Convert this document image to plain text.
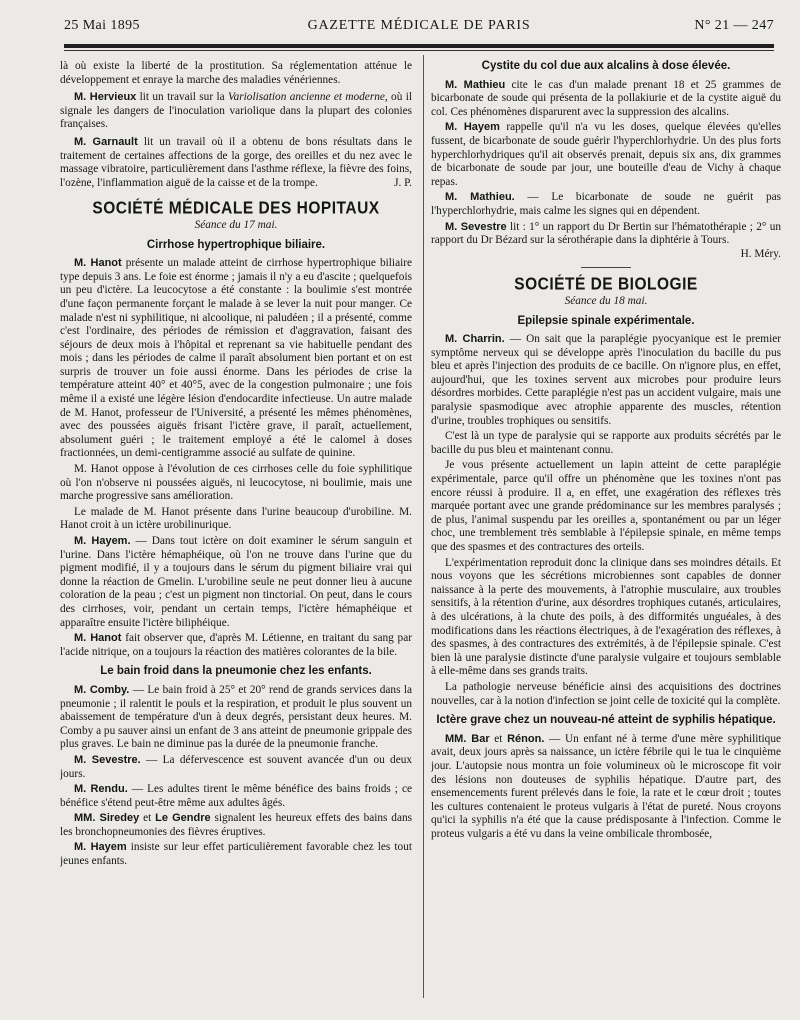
25 Mai 1895	GAZETTE MÉDICALE DE PARIS	N° 21 — 247

là où existe la liberté de la prostitution. Sa réglementation atténue le développement et enraye la marche des maladies vénériennes.

M. Hervieux lit un travail sur la Variolisation ancienne et moderne, où il signale les dangers de l'inoculation variolique dans la plupart des colonies françaises.

M. Garnault lit un travail où il a obtenu de bons résultats dans le traitement de certaines affections de la gorge, des oreilles et du nez avec le massage vibratoire, particulièrement dans l'asthme réflexe, la fièvre des foins, l'ozène, l'inflammation aiguë de la caisse et de la trompe.	J. P.

SOCIÉTÉ MÉDICALE DES HOPITAUX
Séance du 17 mai.
Cirrhose hypertrophique biliaire.

M. Hanot présente un malade atteint de cirrhose hypertrophique biliaire type depuis 3 ans. Le foie est énorme ; jamais il n'y a eu d'ascite ; quelquefois un peu d'ictère. La leucocytose a été constante : la boulimie s'est montrée d'une façon permanente forçant le malade à se lever la nuit pour manger. Ce malade n'est ni syphilitique, ni alcoolique, ni paludéen ; il a présenté, comme c'est l'ordinaire, des périodes de rémission et d'aggravation, faisant des séjours de deux mois à l'hôpital et reprenant sa vie habituelle pendant des mois ; dans les périodes de calme il paraît absolument bien portant et on est surpris de trouver un foie aussi énorme. Dans les périodes de crise la température atteint 40° et 40°5, avec de la congestion pulmonaire ; une fois même il a existé une légère lésion d'endocardite infectieuse. Un autre malade de M. Hanot, professeur de l'Université, a présenté les mêmes phénomènes, avec des poussées aiguës frisant l'ictère grave, il paraît, actuellement, absolument guéri ; le traitement employé a été le calomel à doses fractionnées, un demi-centigramme associé au sulfate de quinine.

M. Hanot oppose à l'évolution de ces cirrhoses celle du foie syphilitique où l'on n'observe ni poussées aiguës, ni leucocytose, ni boulimie, mais une marche progressive sans amélioration.

Le malade de M. Hanot présente dans l'urine beaucoup d'urobiline. M. Hanot croit à un ictère urobilinurique.

M. Hayem. — Dans tout ictère on doit examiner le sérum sanguin et l'urine. Dans l'ictère hémaphéique, où l'on ne trouve dans l'urine que du pigment modifié, il y a toujours dans le sérum du pigment biliaire vrai qui donne la réaction de Gmelin. L'urobiline seule ne peut donner lieu à aucune coloration de la peau ; c'est un pigment non tinctorial. On peut, dans le cours des cirrhoses, voir, pendant un certain temps, l'ictère hémaphéique et apparaître ensuite l'ictère biliphéique.

M. Hanot fait observer que, d'après M. Létienne, en traitant du sang par l'acide nitrique, on a toujours la réaction des matières colorantes de la bile.

Le bain froid dans la pneumonie chez les enfants.

M. Comby. — Le bain froid à 25° et 20° rend de grands services dans la pneumonie ; il ralentit le pouls et la respiration, et produit le plus souvent un abaissement de température d'un à deux degrés, persistant deux heures. M. Comby a pu sauver ainsi un enfant de 3 ans atteint de pneumonie grippale des plus graves. Le bain ne diminue pas la durée de la pneumonie franche.

M. Sevestre. — La défervescence est souvent avancée d'un ou deux jours.

M. Rendu. — Les adultes tirent le même bénéfice des bains froids ; ce bénéfice s'étend peut-être même aux adultes âgés.

MM. Siredey et Le Gendre signalent les heureux effets des bains dans les bronchopneumonies des fièvres éruptives.

M. Hayem insiste sur leur effet particulièrement favorable chez les tout jeunes enfants.

Cystite du col due aux alcalins à dose élevée.

M. Mathieu cite le cas d'un malade prenant 18 et 25 grammes de bicarbonate de soude qui présenta de la pollakiurie et de la cystite aiguë du col. Ces phénomènes disparurent avec la suppression des alcalins.

M. Hayem rappelle qu'il n'a vu les doses, quelque élevées qu'elles fussent, de bicarbonate de soude guérir l'hyperchlorhydrie. Un des plus forts hyperchlorhydriques qu'il ait observés prenait, depuis six ans, dix grammes de bicarbonate de soude par jour, une bouteille d'eau de Vichy à chaque repas.

M. Mathieu. — Le bicarbonate de soude ne guérit pas l'hyperchlorhydrie, mais calme les signes qui en dépendent.

M. Sevestre lit : 1° un rapport du Dr Bertin sur l'hématothérapie ; 2° un rapport du Dr Bézard sur la sérothérapie dans la diphtérie à Tours.
H. Méry.

SOCIÉTÉ DE BIOLOGIE
Séance du 18 mai.
Epilepsie spinale expérimentale.

M. Charrin. — On sait que la paraplégie pyocyanique est le premier symptôme nerveux qui se développe après l'inoculation du bacille du pus bleu et après l'injection des produits de ce bacille. On n'ignore plus, en effet, aujourd'hui, que les toxines servent aux microbes pour produire leurs désordres morbides. Cette paraplégie n'est pas un accident vulgaire, mais une paralysie spasmodique avec atrophie apparente des muscles, rétention d'urine, troubles trophiques ou sensitifs.

C'est là un type de paralysie qui se rapporte aux produits sécrétés par le bacille du pus bleu et maintenant connu.

Je vous présente actuellement un lapin atteint de cette paraplégie expérimentale, parce qu'il offre un phénomène que les toxines n'ont pas encore réussi à produire. Il a, en effet, une exagération des réflexes très marquée portant avec une grande prédominance sur les membres paralysés ; de plus, l'animal suspendu par les oreilles a, spontanément ou par un léger choc, une tremblement très semblable à l'épilepsie spinale, en même temps que des spasmes et des contractures des orteils.

L'expérimentation reproduit donc la clinique dans ses moindres détails. Et nous voyons que les sécrétions microbiennes sont capables de donner naissance à la perte des mouvements, à l'atrophie musculaire, aux troubles sensitifs, à la rétention d'urine, aux désordres trophiques cutanés, articulaires, à des ulcérations, à la chute des poils, à des difformités unguéales, à des modifications dans les réactions électriques, à de l'exagération des réflexes, à des spasmes, à des contractures des extrémités, à de l'épilepsie spinale. C'est bien là une paralysie distincte d'une paralysie vulgaire et toujours semblable à elle-même dans ses grands traits.

La pathologie nerveuse bénéficie ainsi des acquisitions des doctrines nouvelles, car à la notion d'infection se joint celle de toxicité qui la complète.

Ictère grave chez un nouveau-né atteint de syphilis hépatique.

MM. Bar et Rénon. — Un enfant né à terme d'une mère syphilitique avait, deux jours après sa naissance, un ictère fébrile qui le tua le cinquième jour. L'autopsie nous montra un foie volumineux où le microscope fit voir des lésions non douteuses de syphilis hépatique. D'autre part, des ensemencements furent prélevés dans le foie, la rate et le cœur droit ; toutes les cultures contenaient le proteus vulgaris à l'état de pureté. Nous croyons qu'ici la syphilis n'a été que la cause prédisposante à l'infection. Comme le proteus vulgaris a été vu dans la veine ombilicale thrombosée,
